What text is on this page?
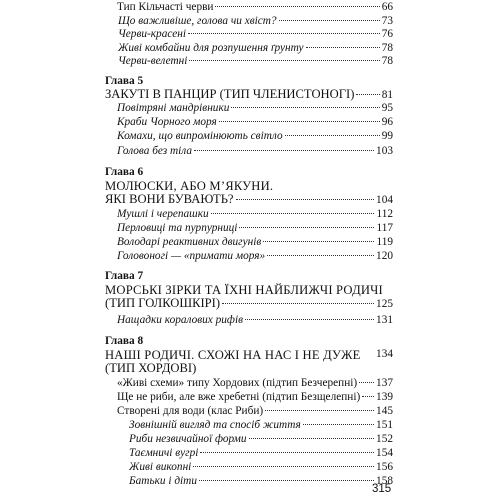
Тип Кільчасті черви	66
Що важливіше, голова чи хвіст?	73
Черви-красені	76
Живі комбайни для розпушення ґрунту	78
Черви-велетні	78
Глава 5
ЗАКУТІ В ПАНЦИР (ТИП ЧЛЕНИСТОНОГІ) 81
Повітряні мандрівники	95
Краби Чорного моря	96
Комахи, що випромінюють світло	99
Голова без тіла	103
Глава 6
МОЛЮСКИ, АБО М’ЯКУНИ.
ЯКІ ВОНИ БУВАЮТЬ?	104
Мушлі і черепашки	112
Перловиці та пурпурниці	117
Володарі реактивних двигунів	119
Головоногі — «примати моря»	120
Глава 7
МОРСЬКІ ЗІРКИ ТА ЇХНІ НАЙБЛИЖЧІ РОДИЧІ
(ТИП ГОЛКОШКІРІ)	125
Нащадки коралових рифів	131
Глава 8
НАШІ РОДИЧІ. СХОЖІ НА НАС І НЕ ДУЖЕ
(ТИП ХОРДОВІ)
134
«Живі схеми» типу Хордових (підтип Безчерепні) 137
Ще не риби, але вже хребетні (підтип Безщелепні) 139
Створені для води (клас Риби)	145
Зовнішній вигляд та спосіб життя	151
Риби незвичайної форми	152
Таємничі вугрі	154
Живі викопні	156
Батьки і діти	158
315
